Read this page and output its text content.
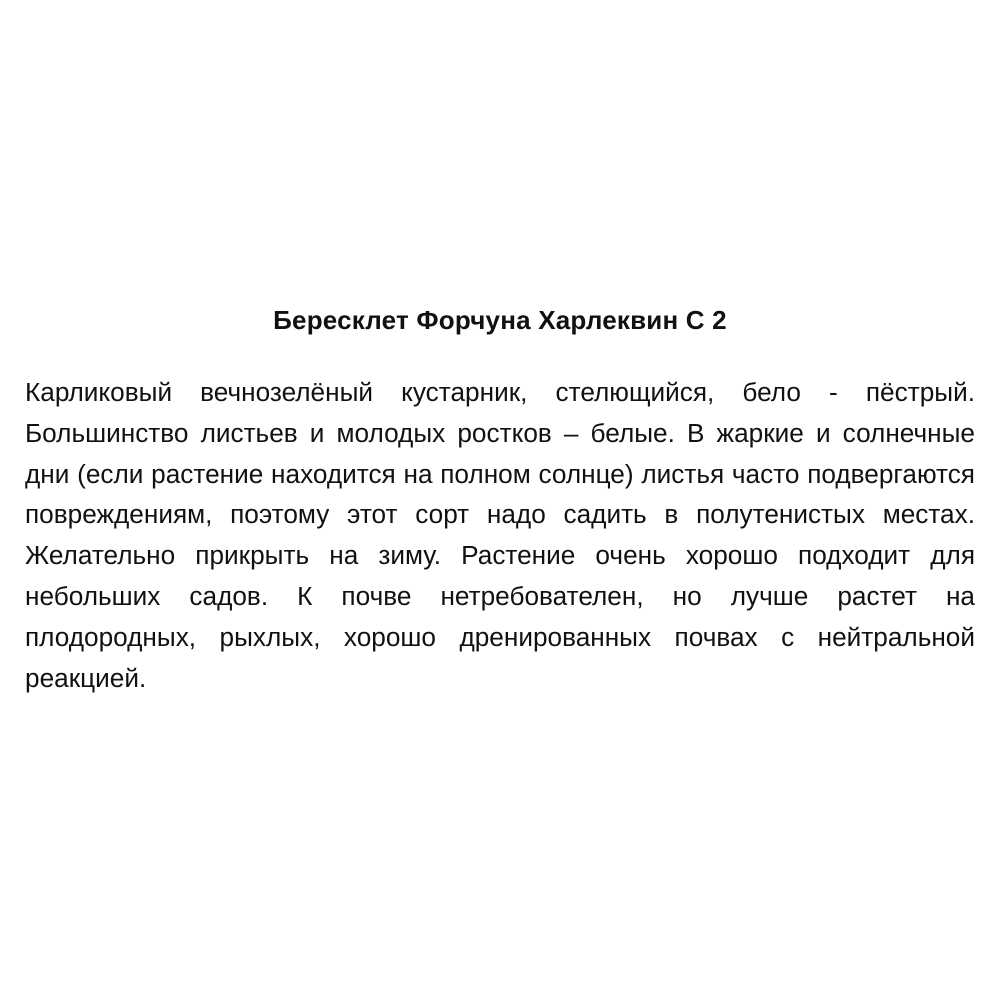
Бересклет Форчуна Харлеквин С 2

Карликовый вечнозелёный кустарник, стелющийся, бело - пёстрый. Большинство листьев и молодых ростков – белые. В жаркие и солнечные дни (если растение находится на полном солнце) листья часто подвергаются повреждениям, поэтому этот сорт надо садить в полутенистых местах. Желательно прикрыть на зиму. Растение очень хорошо подходит для небольших садов. К почве нетребователен, но лучше растет на плодородных, рыхлых, хорошо дренированных почвах с нейтральной реакцией.
